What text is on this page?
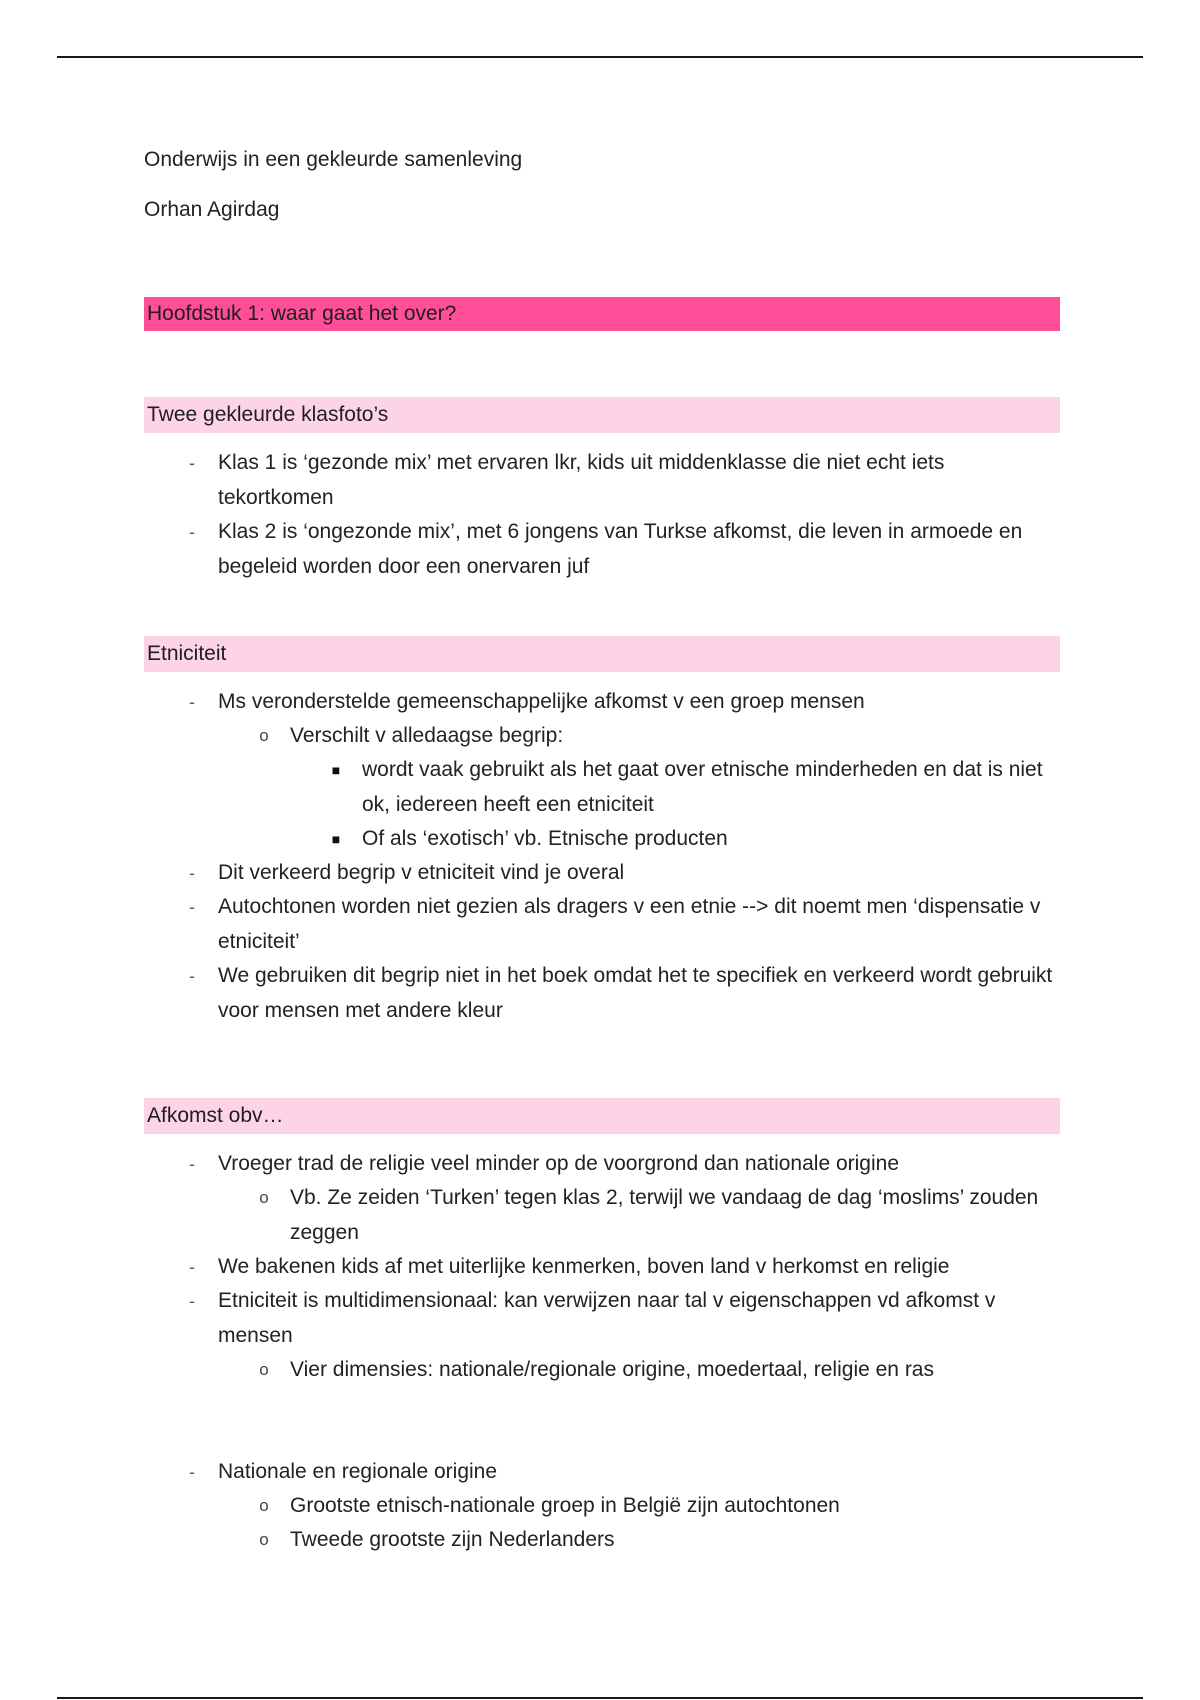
Onderwijs in een gekleurde samenleving
Orhan Agirdag
Hoofdstuk 1: waar gaat het over?
Twee gekleurde klasfoto’s
-	Klas 1 is ‘gezonde mix’ met ervaren lkr, kids uit middenklasse die niet echt iets tekortkomen
-	Klas 2 is ‘ongezonde mix’, met 6 jongens van Turkse afkomst, die leven in armoede en begeleid worden door een onervaren juf
Etniciteit
-	Ms veronderstelde gemeenschappelijke afkomst v een groep mensen
o Verschilt v alledaagse begrip:
■ wordt vaak gebruikt als het gaat over etnische minderheden en dat is niet ok, iedereen heeft een etniciteit
■ Of als ‘exotisch’ vb. Etnische producten
-	Dit verkeerd begrip v etniciteit vind je overal
-	Autochtonen worden niet gezien als dragers v een etnie --> dit noemt men ‘dispensatie v etniciteit’
-	We gebruiken dit begrip niet in het boek omdat het te specifiek en verkeerd wordt gebruikt voor mensen met andere kleur
Afkomst obv…
-	Vroeger trad de religie veel minder op de voorgrond dan nationale origine
o Vb. Ze zeiden ‘Turken’ tegen klas 2, terwijl we vandaag de dag ‘moslims’ zouden zeggen
-	We bakenen kids af met uiterlijke kenmerken, boven land v herkomst en religie
-	Etniciteit is multidimensionaal: kan verwijzen naar tal v eigenschappen vd afkomst v mensen
o Vier dimensies: nationale/regionale origine, moedertaal, religie en ras
-	Nationale en regionale origine
o Grootste etnisch-nationale groep in België zijn autochtonen
o Tweede grootste zijn Nederlanders
